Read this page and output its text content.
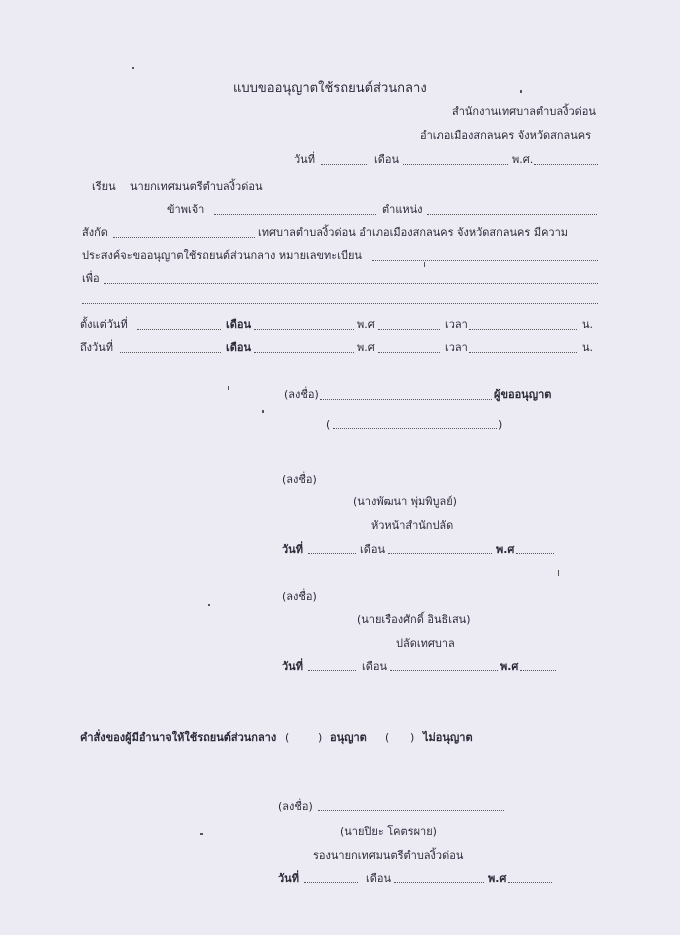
แบบขออนุญาตใช้รถยนต์ส่วนกลาง
สำนักงานเทศบาลตำบลงิ้วด่อน
อำเภอเมืองสกลนคร จังหวัดสกลนคร
วันที่	เดือน	พ.ศ.
เรียน นายกเทศมนตรีตำบลงิ้วด่อน
ข้าพเจ้า	ตำแหน่ง
สังกัด	เทศบาลตำบลงิ้วด่อน อำเภอเมืองสกลนคร จังหวัดสกลนคร มีความ
ประสงค์จะขออนุญาตใช้รถยนต์ส่วนกลาง หมายเลขทะเบียน
เพื่อ
ตั้งแต่วันที่	เดือน	พ.ศ	เวลา	น.
ถึงวันที่	เดือน	พ.ศ	เวลา	น.
(ลงชื่อ)	ผู้ขออนุญาต
(	)
(ลงชื่อ)
(นางพัฒนา พุ่มพิบูลย์)
หัวหน้าสำนักปลัด
วันที่	เดือน	พ.ศ
(ลงชื่อ)
(นายเรืองศักดิ์ อินธิเสน)
ปลัดเทศบาล
วันที่	เดือน	พ.ศ
คำสั่งของผู้มีอำนาจให้ใช้รถยนต์ส่วนกลาง (	) อนุญาต ( ) ไม่อนุญาต
(ลงชื่อ)
(นายปิยะ โคตรผาย)
รองนายกเทศมนตรีตำบลงิ้วด่อน
วันที่	เดือน	พ.ศ
